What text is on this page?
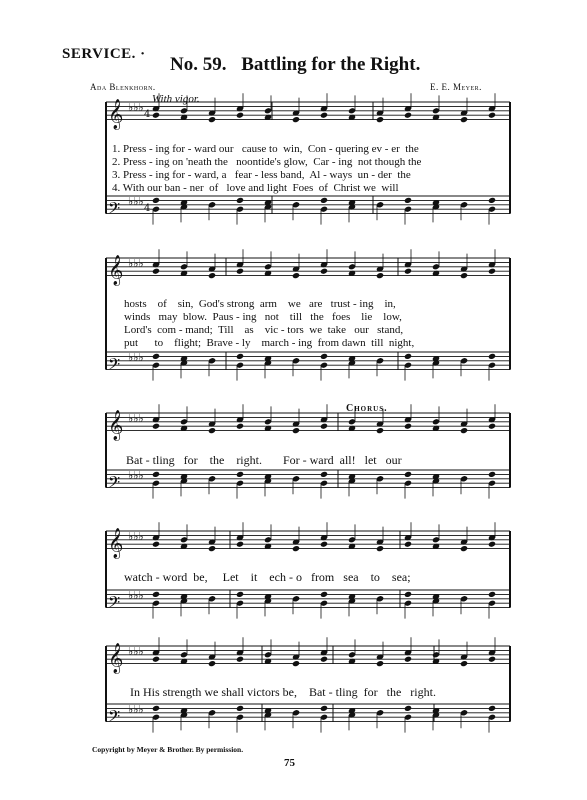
𝄞 ♭♭♭
4
𝄢 ♭♭♭
4
𝄞 ♭♭♭
𝄢 ♭♭♭
𝄞 ♭♭♭
𝄢 ♭♭♭
𝄞 ♭♭♭
𝄢 ♭♭♭
𝄞 ♭♭♭
𝄢 ♭♭♭
SERVICE. · No. 59. Battling for the Right.
Ada Blenkhorn.	E. E. Meyer.
With vigor.
1. Press - ing for - ward our   cause to  win,  Con - quering ev - er  the
2. Press - ing on 'neath the   noontide's glow,  Car - ing  not though the
3. Press - ing for - ward, a   fear - less band,  Al - ways  un - der  the
4. With our ban - ner  of   love and light  Foes  of  Christ we  will
hosts    of    sin,  God's strong  arm    we   are   trust - ing    in,
winds   may  blow.  Paus - ing   not    till   the   foes    lie    low,
Lord's  com - mand;  Till    as    vic - tors  we  take   our   stand,
put      to    flight;  Brave - ly    march - ing  from dawn  till  night,
Chorus.
Bat - tling   for    the    right.       For - ward  all!   let   our
watch - word  be,     Let    it    ech - o   from   sea    to    sea;
In His strength we shall victors be,    Bat - tling  for   the   right.
Copyright by Meyer & Brother. By permission.
75
